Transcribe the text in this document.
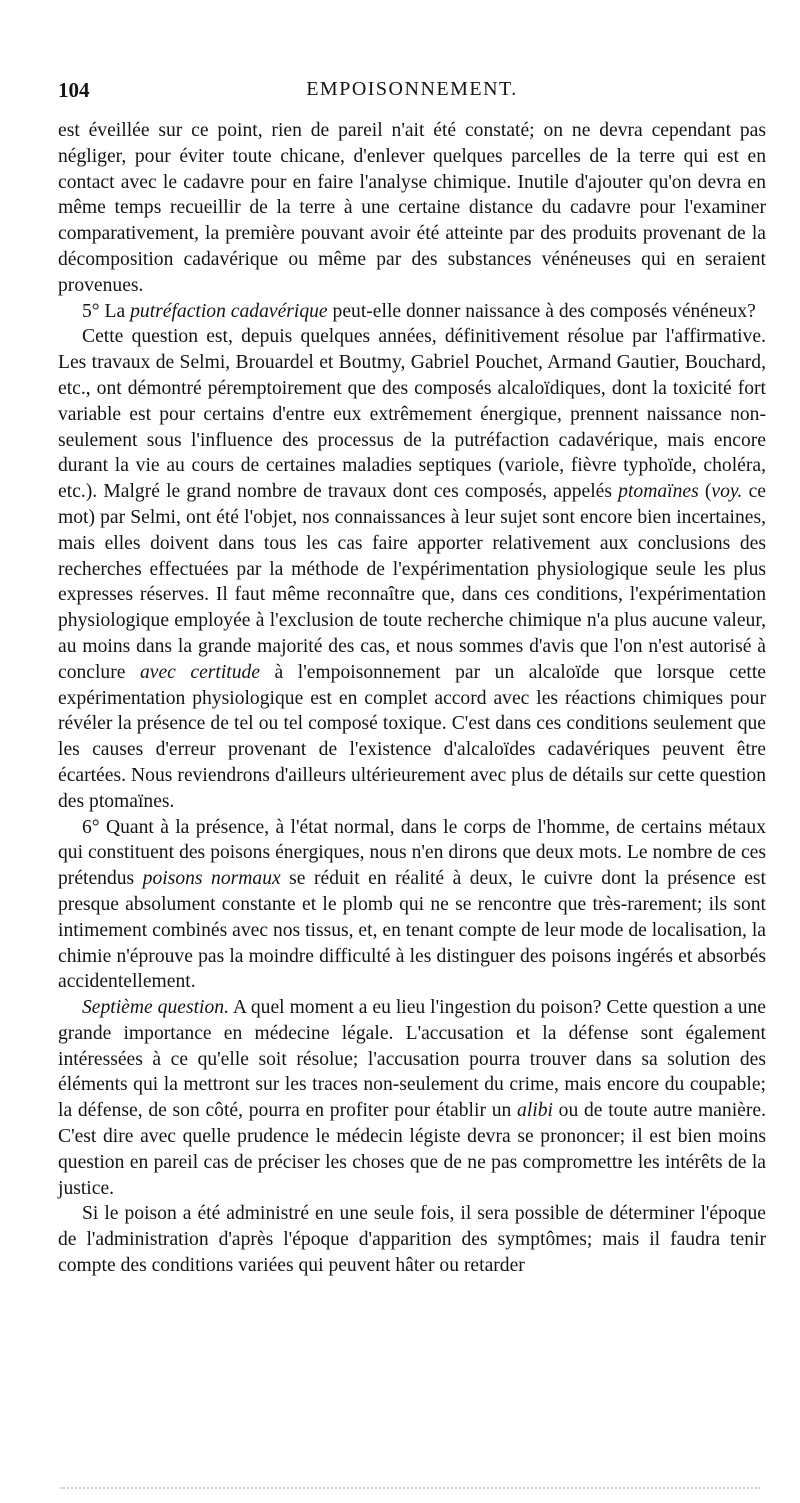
104	EMPOISONNEMENT.

est éveillée sur ce point, rien de pareil n'ait été constaté; on ne devra cependant pas négliger, pour éviter toute chicane, d'enlever quelques parcelles de la terre qui est en contact avec le cadavre pour en faire l'analyse chimique. Inutile d'ajouter qu'on devra en même temps recueillir de la terre à une certaine distance du cadavre pour l'examiner comparativement, la première pouvant avoir été atteinte par des produits provenant de la décomposition cadavérique ou même par des substances vénéneuses qui en seraient provenues.

5° La putréfaction cadavérique peut-elle donner naissance à des composés vénéneux?

Cette question est, depuis quelques années, définitivement résolue par l'affirmative. Les travaux de Selmi, Brouardel et Boutmy, Gabriel Pouchet, Armand Gautier, Bouchard, etc., ont démontré péremptoirement que des composés alcaloïdiques, dont la toxicité fort variable est pour certains d'entre eux extrêmement énergique, prennent naissance non-seulement sous l'influence des processus de la putréfaction cadavérique, mais encore durant la vie au cours de certaines maladies septiques (variole, fièvre typhoïde, choléra, etc.). Malgré le grand nombre de travaux dont ces composés, appelés ptomaïnes (voy. ce mot) par Selmi, ont été l'objet, nos connaissances à leur sujet sont encore bien incertaines, mais elles doivent dans tous les cas faire apporter relativement aux conclusions des recherches effectuées par la méthode de l'expérimentation physiologique seule les plus expresses réserves. Il faut même reconnaître que, dans ces conditions, l'expérimentation physiologique employée à l'exclusion de toute recherche chimique n'a plus aucune valeur, au moins dans la grande majorité des cas, et nous sommes d'avis que l'on n'est autorisé à conclure avec certitude à l'empoisonnement par un alcaloïde que lorsque cette expérimentation physiologique est en complet accord avec les réactions chimiques pour révéler la présence de tel ou tel composé toxique. C'est dans ces conditions seulement que les causes d'erreur provenant de l'existence d'alcaloïdes cadavériques peuvent être écartées. Nous reviendrons d'ailleurs ultérieurement avec plus de détails sur cette question des ptomaïnes.

6° Quant à la présence, à l'état normal, dans le corps de l'homme, de certains métaux qui constituent des poisons énergiques, nous n'en dirons que deux mots. Le nombre de ces prétendus poisons normaux se réduit en réalité à deux, le cuivre dont la présence est presque absolument constante et le plomb qui ne se rencontre que très-rarement; ils sont intimement combinés avec nos tissus, et, en tenant compte de leur mode de localisation, la chimie n'éprouve pas la moindre difficulté à les distinguer des poisons ingérés et absorbés accidentellement.

Septième question. A quel moment a eu lieu l'ingestion du poison? Cette question a une grande importance en médecine légale. L'accusation et la défense sont également intéressées à ce qu'elle soit résolue; l'accusation pourra trouver dans sa solution des éléments qui la mettront sur les traces non-seulement du crime, mais encore du coupable; la défense, de son côté, pourra en profiter pour établir un alibi ou de toute autre manière. C'est dire avec quelle prudence le médecin légiste devra se prononcer; il est bien moins question en pareil cas de préciser les choses que de ne pas compromettre les intérêts de la justice.

Si le poison a été administré en une seule fois, il sera possible de déterminer l'époque de l'administration d'après l'époque d'apparition des symptômes; mais il faudra tenir compte des conditions variées qui peuvent hâter ou retarder
